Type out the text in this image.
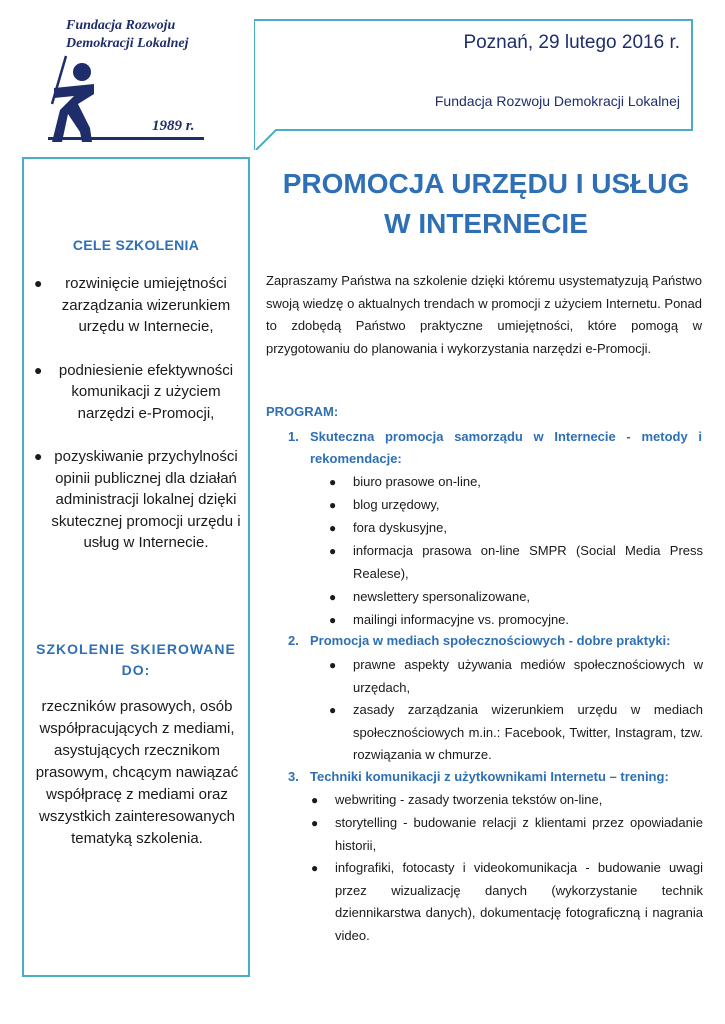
Fundacja Rozwoju
Demokracji Lokalnej
1989 r.
Poznań, 29 lutego 2016 r.
Fundacja Rozwoju Demokracji Lokalnej
CELE SZKOLENIA
● rozwinięcie umiejętności zarządzania wizerunkiem urzędu w Internecie,
● podniesienie efektywności komunikacji z użyciem narzędzi e-Promocji,
● pozyskiwanie przychylności opinii publicznej dla działań administracji lokalnej dzięki skutecznej promocji urzędu i usług w Internecie.
SZKOLENIE SKIEROWANE DO:
rzeczników prasowych, osób współpracujących z mediami, asystujących rzecznikom prasowym, chcącym nawiązać współpracę z mediami oraz wszystkich zainteresowanych tematyką szkolenia.
PROMOCJA URZĘDU I USŁUG
W INTERNECIE
Zapraszamy Państwa na szkolenie dzięki któremu usystematyzują Państwo swoją wiedzę o aktualnych trendach w promocji z użyciem Internetu. Ponad to zdobędą Państwo praktyczne umiejętności, które pomogą w przygotowaniu do planowania i wykorzystania narzędzi e-Promocji.
PROGRAM:
1. Skuteczna promocja samorządu w Internecie - metody i rekomendacje:
● biuro prasowe on-line,
● blog urzędowy,
● fora dyskusyjne,
● informacja prasowa on-line SMPR (Social Media Press Realese),
● newslettery spersonalizowane,
● mailingi informacyjne vs. promocyjne.
2. Promocja w mediach społecznościowych - dobre praktyki:
● prawne aspekty używania mediów społecznościowych w urzędach,
● zasady zarządzania wizerunkiem urzędu w mediach społecznościowych m.in.: Facebook, Twitter, Instagram, tzw. rozwiązania w chmurze.
3. Techniki komunikacji z użytkownikami Internetu – trening:
● webwriting - zasady tworzenia tekstów on-line,
● storytelling - budowanie relacji z klientami przez opowiadanie historii,
● infografiki, fotocasty i videokomunikacja - budowanie uwagi przez wizualizację danych (wykorzystanie technik dziennikarstwa danych), dokumentację fotograficzną i nagrania video.
